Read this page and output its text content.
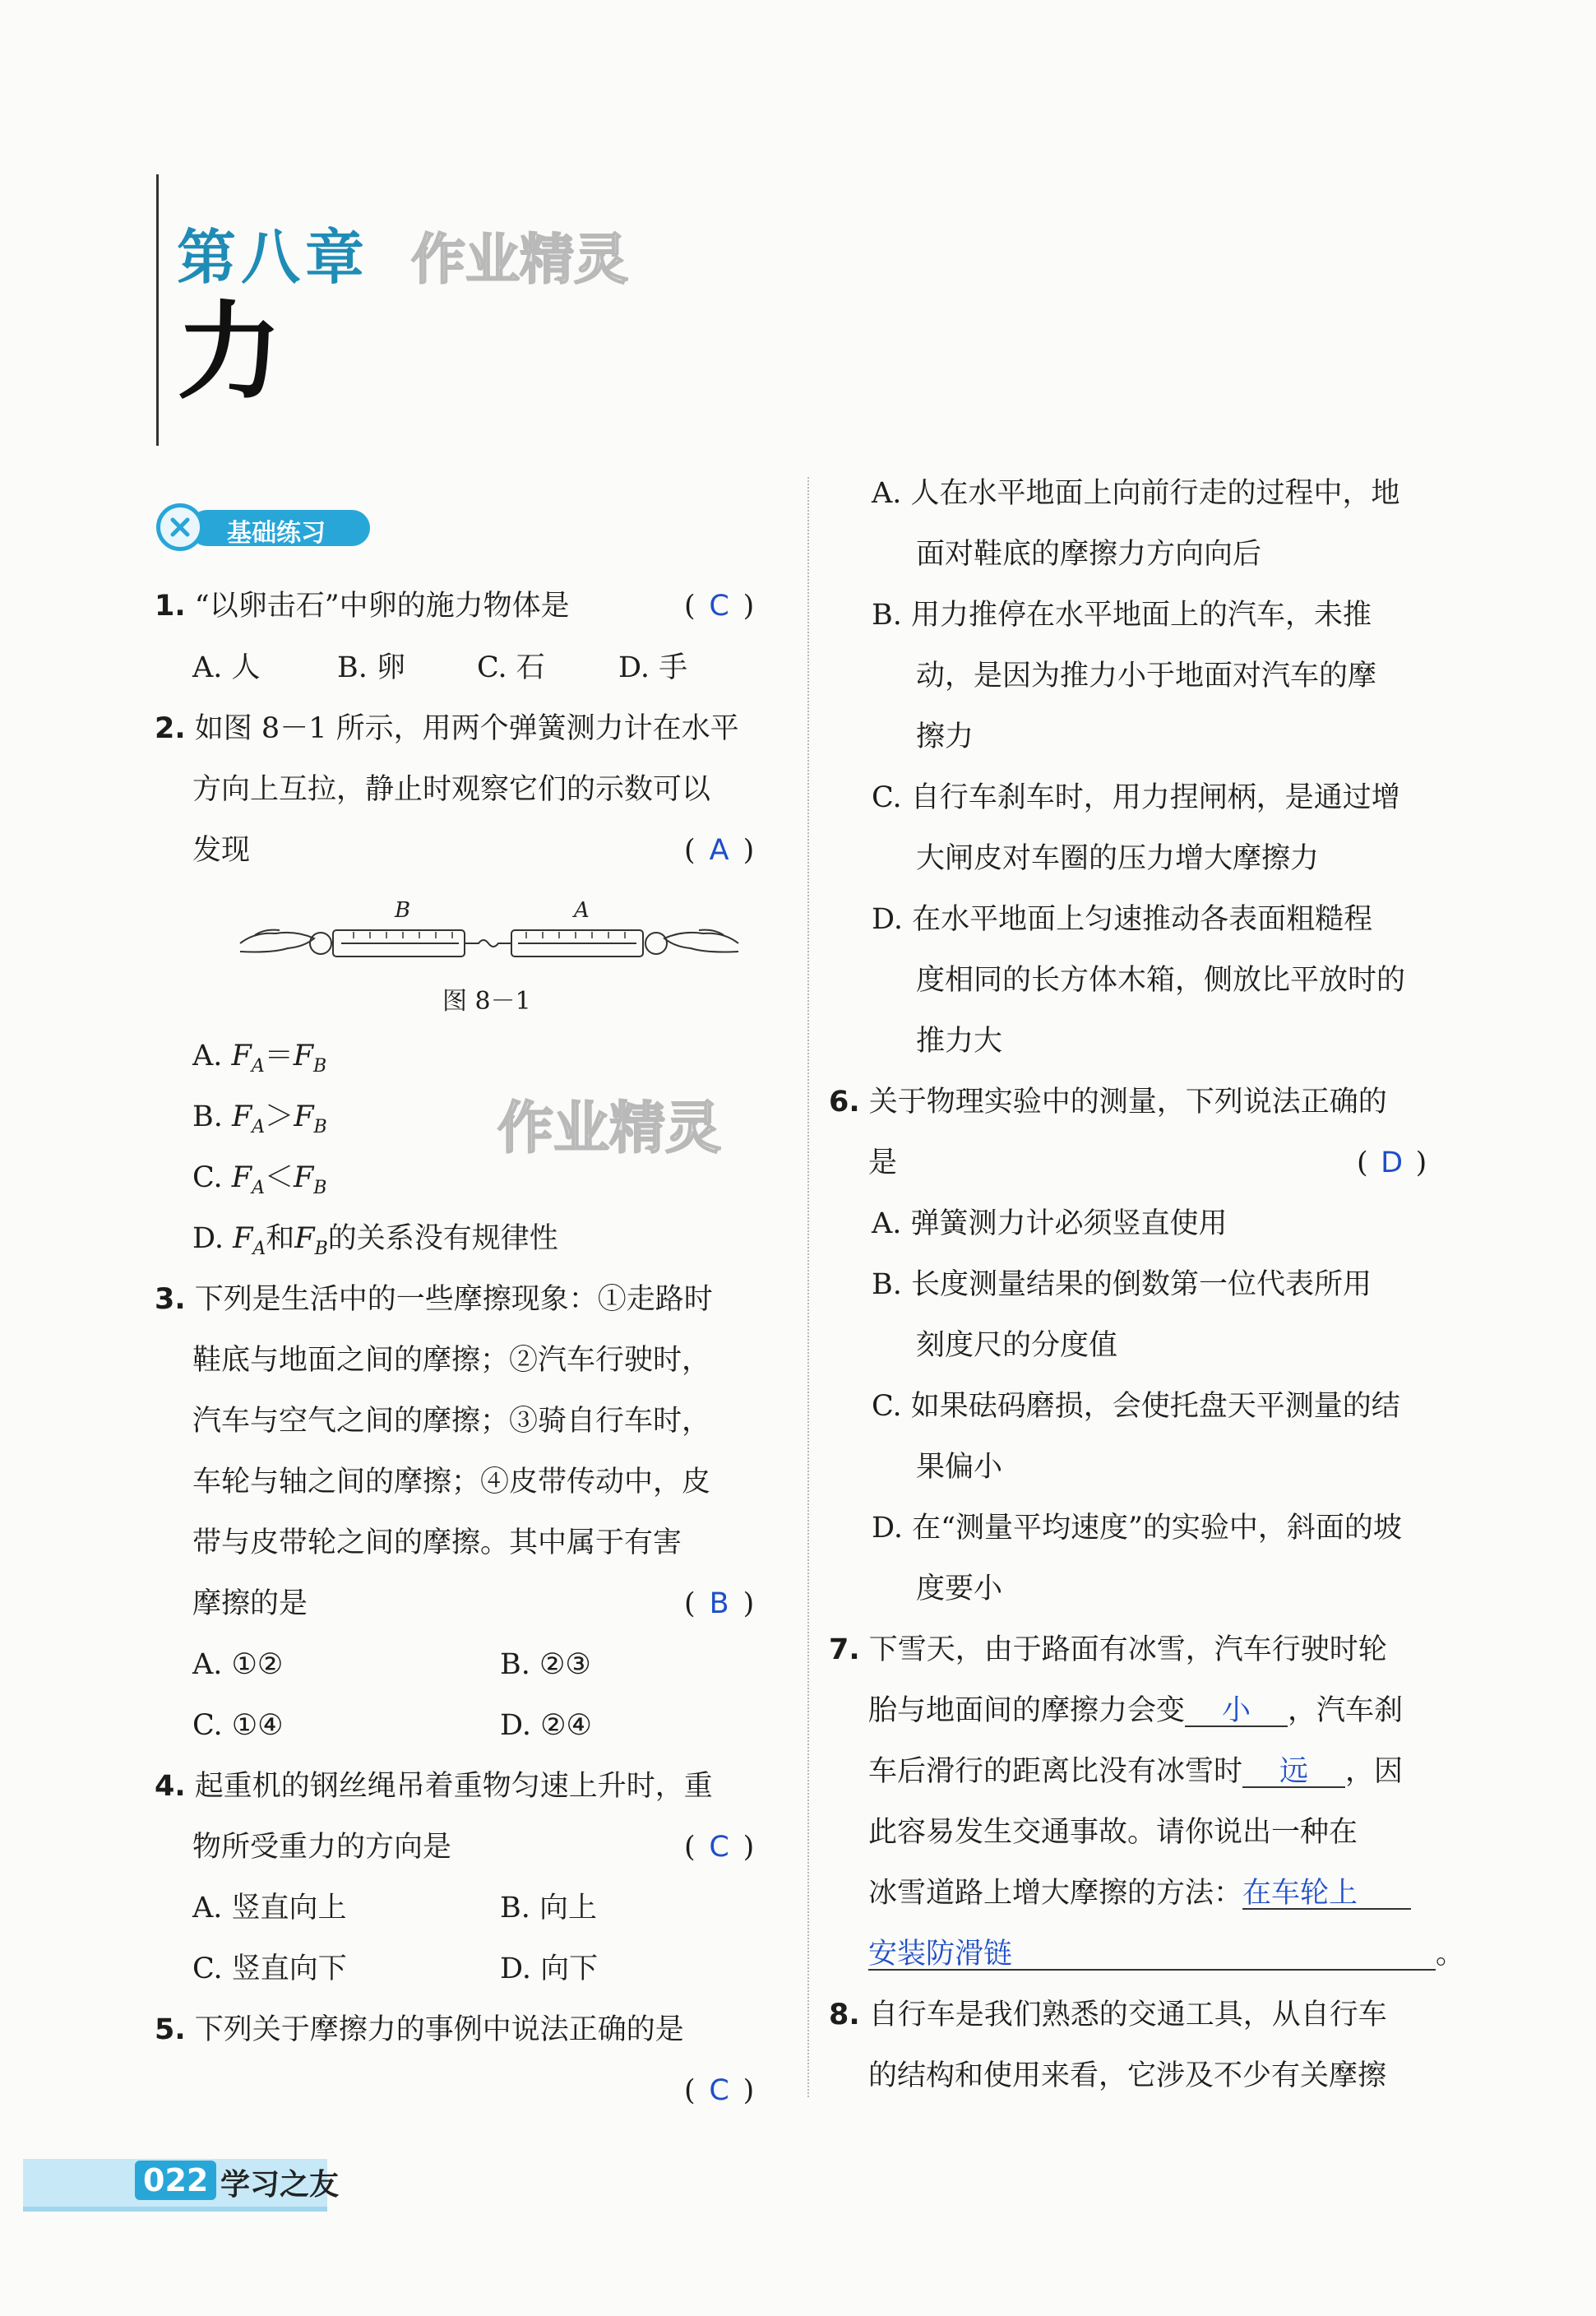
第八章 作业精灵
力
基础练习
1. “以卵击石”中卵的施力物体是	( C )
A. 人	B. 卵 C. 石	D. 手
2. 如图 8－1 所示，用两个弹簧测力计在水平
方向上互拉，静止时观察它们的示数可以
发现	( A )
B	A
图 8－1
A. $F_A=F_B$
B. $F_A>F_B$	作业精灵
C. $F_A<F_B$
D. $F_A$和$F_B$的关系没有规律性
3. 下列是生活中的一些摩擦现象：①走路时
鞋底与地面之间的摩擦；②汽车行驶时，
汽车与空气之间的摩擦；③骑自行车时，
车轮与轴之间的摩擦；④皮带传动中，皮
带与皮带轮之间的摩擦。其中属于有害
摩擦的是	( B )
A. ①②	B. ②③
C. ①④	D. ②④
4. 起重机的钢丝绳吊着重物匀速上升时，重
物所受重力的方向是	( C )
A. 竖直向上	B. 向上
C. 竖直向下	D. 向下
5. 下列关于摩擦力的事例中说法正确的是
( C )
A. 人在水平地面上向前行走的过程中，地
面对鞋底的摩擦力方向向后
B. 用力推停在水平地面上的汽车，未推
动，是因为推力小于地面对汽车的摩
擦力
C. 自行车刹车时，用力捏闸柄，是通过增
大闸皮对车圈的压力增大摩擦力
D. 在水平地面上匀速推动各表面粗糙程
度相同的长方体木箱，侧放比平放时的
推力大
6. 关于物理实验中的测量，下列说法正确的
是	( D )
A. 弹簧测力计必须竖直使用
B. 长度测量结果的倒数第一位代表所用
刻度尺的分度值
C. 如果砝码磨损，会使托盘天平测量的结
果偏小
D. 在“测量平均速度”的实验中，斜面的坡
度要小
7. 下雪天，由于路面有冰雪，汽车行驶时轮
胎与地面间的摩擦力会变 小 ，汽车刹
车后滑行的距离比没有冰雪时 远 ，因
此容易发生交通事故。请你说出一种在
冰雪道路上增大摩擦的方法：在车轮上
安装防滑链	。
8. 自行车是我们熟悉的交通工具，从自行车
的结构和使用来看，它涉及不少有关摩擦
022 学习之友
